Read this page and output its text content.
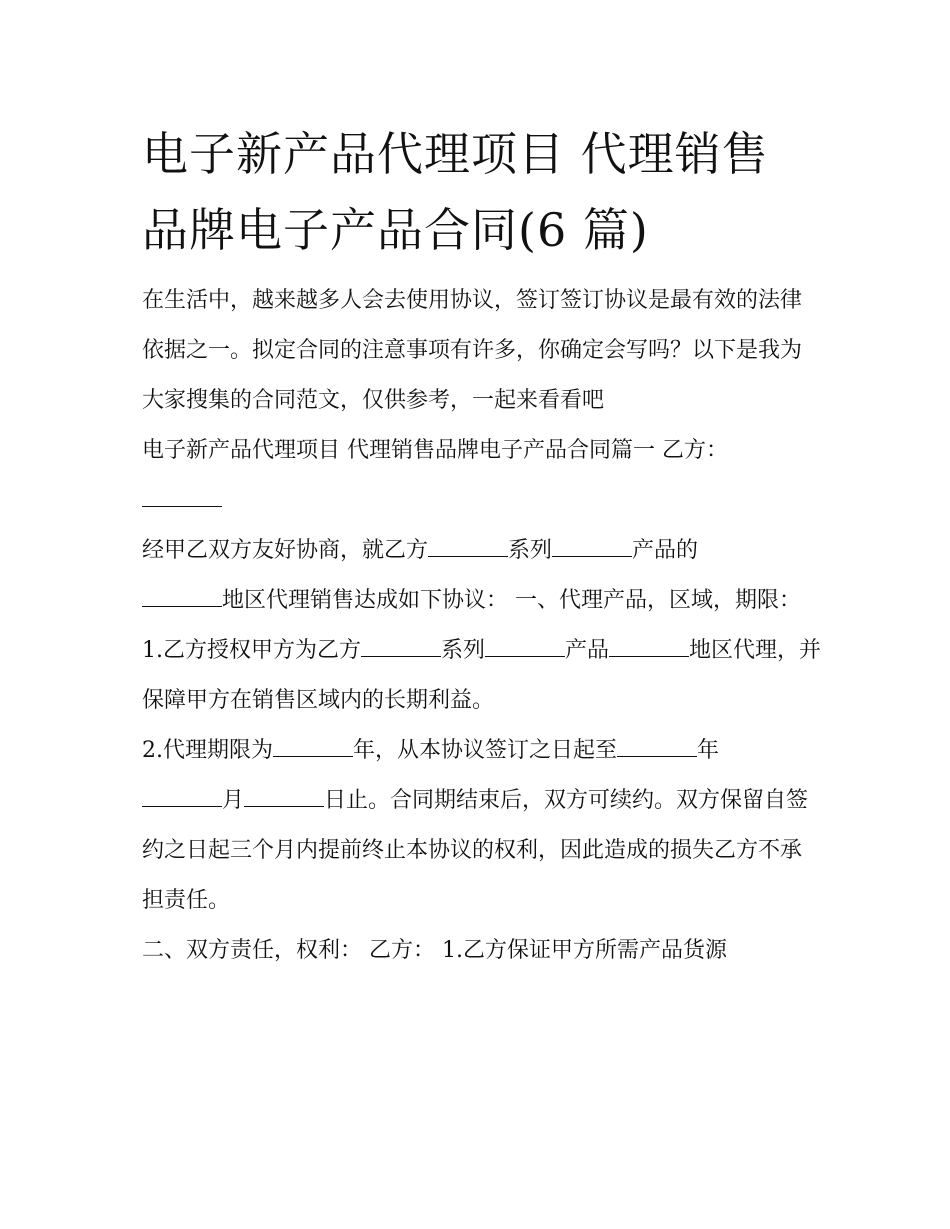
电子新产品代理项目 代理销售
品牌电子产品合同(6 篇)

在生活中，越来越多人会去使用协议，签订签订协议是最有效的法律依据之一。拟定合同的注意事项有许多，你确定会写吗？以下是我为大家搜集的合同范文，仅供参考，一起来看看吧

电子新产品代理项目 代理销售品牌电子产品合同篇一 乙方：

经甲乙双方友好协商，就乙方	系列	产品的
地区代理销售达成如下协议： 一、代理产品，区域，期限：

1.乙方授权甲方为乙方	系列	产品	地区代理，并保障甲方在销售区域内的长期利益。

2.代理期限为	年，从本协议签订之日起至	年
月	日止。合同期结束后，双方可续约。双方保留自签约之日起三个月内提前终止本协议的权利，因此造成的损失乙方不承担责任。

二、双方责任，权利： 乙方： 1.乙方保证甲方所需产品货源
